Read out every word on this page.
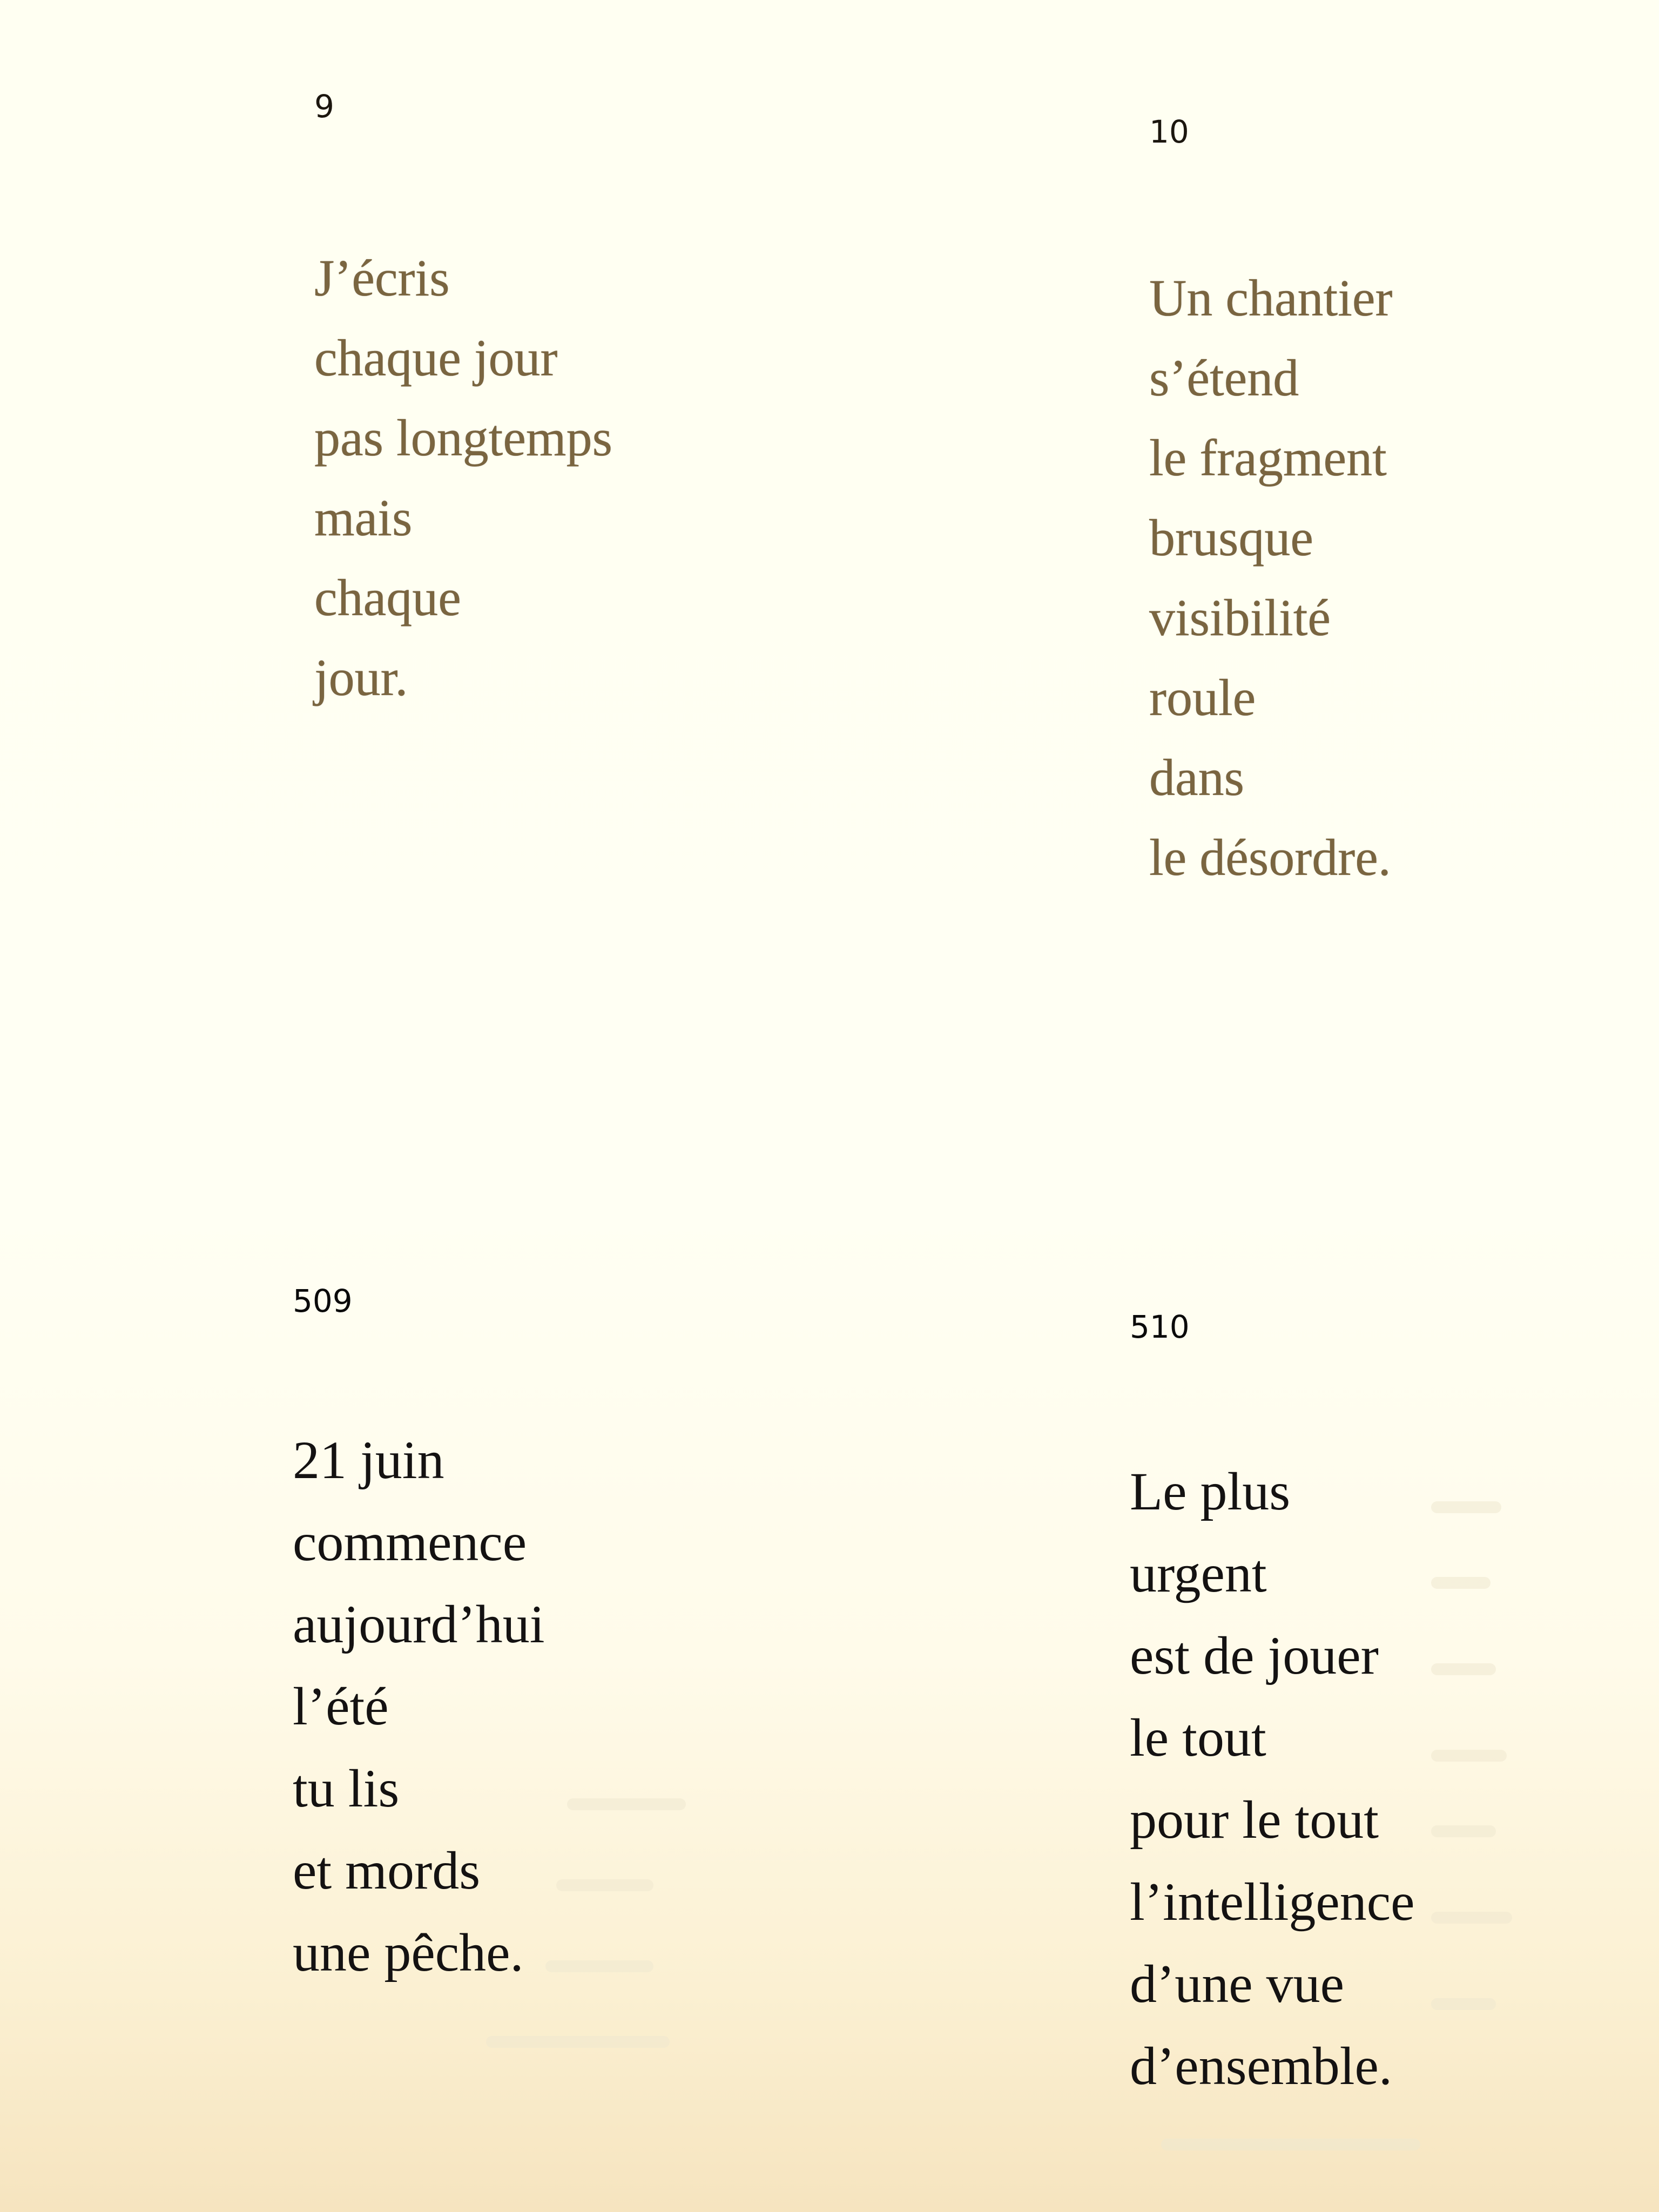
9
J’écris
chaque jour
pas longtemps
mais
chaque
jour.
10
Un chantier
s’étend
le fragment
brusque
visibilité
roule
dans
le désordre.
509
21 juin
commence
aujourd’hui
l’été
tu lis
et mords
une pêche.
510
Le plus
urgent
est de jouer
le tout
pour le tout
l’intelligence
d’une vue
d’ensemble.
